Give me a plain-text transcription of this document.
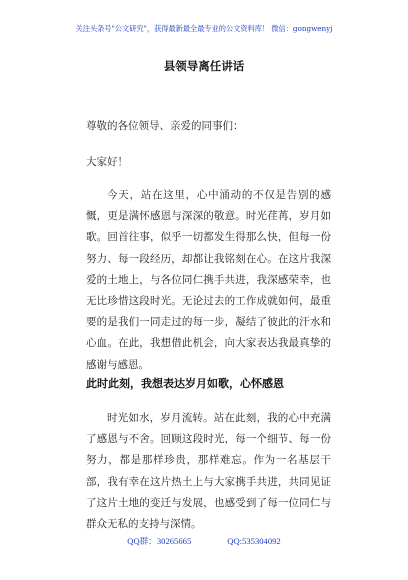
关注头条号"公文研究"，获得最新最全最专业的公文资料库！ 微信：gongwenyj
县领导离任讲话
尊敬的各位领导、亲爱的同事们：
大家好！

今天，站在这里，心中涌动的不仅是告别的感慨，更是满怀感恩与深深的敬意。时光荏苒，岁月如歌。回首往事，似乎一切都发生得那么快，但每一份努力、每一段经历，却都让我铭刻在心。在这片我深爱的土地上，与各位同仁携手共进，我深感荣幸，也无比珍惜这段时光。无论过去的工作成就如何，最重要的是我们一同走过的每一步，凝结了彼此的汗水和心血。在此，我想借此机会，向大家表达我最真挚的感谢与感恩。

此时此刻，我想表达岁月如歌，心怀感恩

时光如水，岁月流转。站在此刻，我的心中充满了感恩与不舍。回顾这段时光，每一个细节、每一份努力，都是那样珍贵，那样难忘。作为一名基层干部，我有幸在这片热土上与大家携手共进，共同见证了这片土地的变迁与发展，也感受到了每一位同仁与群众无私的支持与深情。

QQ群：30265665	QQ:535304092
